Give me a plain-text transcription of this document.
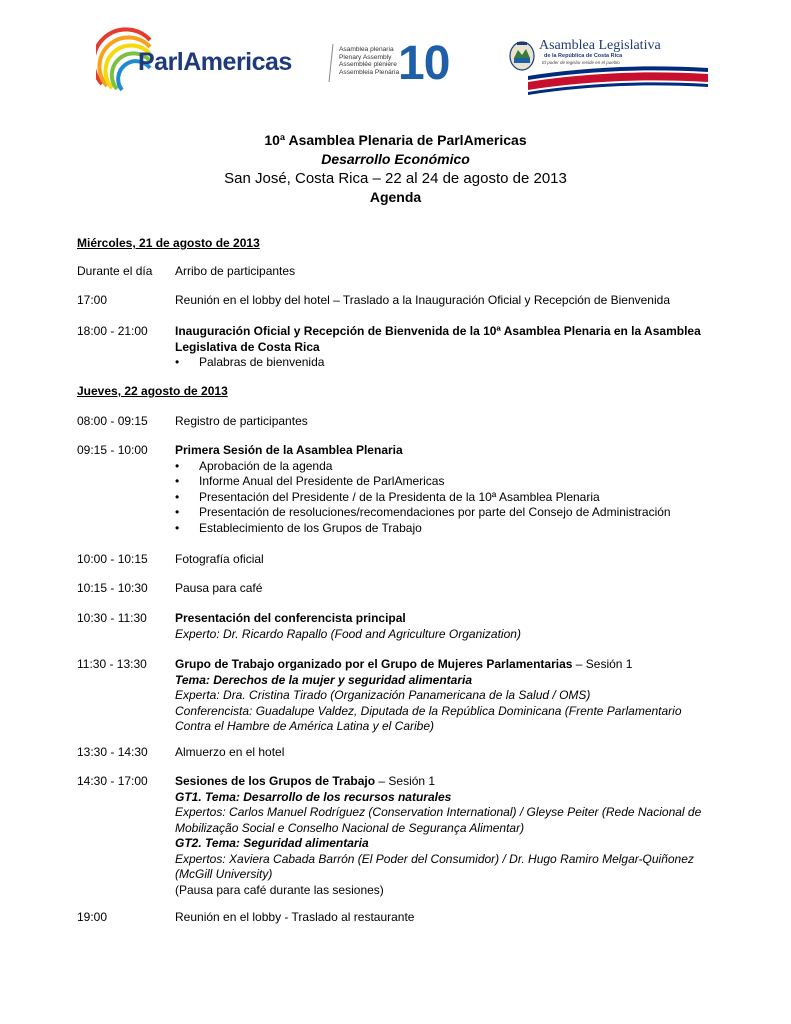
ParlAmericas	Asamblea plenaria
Plenary Assembly
Assemblée plénière
Assembleia Plenária
10	Asamblea Legislativa
de la República de Costa Rica
El poder de legislar reside en el pueblo
10ª Asamblea Plenaria de ParlAmericas
Desarrollo Económico
San José, Costa Rica – 22 al 24 de agosto de 2013
Agenda
Miércoles, 21 de agosto de 2013
Durante el día	Arribo de participantes
17:00	Reunión en el lobby del hotel – Traslado a la Inauguración Oficial y Recepción de Bienvenida
18:00 - 21:00	Inauguración Oficial y Recepción de Bienvenida de la 10ª Asamblea Plenaria en la Asamblea Legislativa de Costa Rica

• Palabras de bienvenida
Jueves, 22 agosto de 2013
08:00 - 09:15	Registro de participantes
09:15 - 10:00	Primera Sesión de la Asamblea Plenaria

• Aprobación de la agenda
• Informe Anual del Presidente de ParlAmericas
• Presentación del Presidente / de la Presidenta de la 10ª Asamblea Plenaria
• Presentación de resoluciones/recomendaciones por parte del Consejo de Administración
• Establecimiento de los Grupos de Trabajo
10:00 - 10:15	Fotografía oficial
10:15 - 10:30	Pausa para café
10:30 - 11:30	Presentación del conferencista principal

Experto: Dr. Ricardo Rapallo (Food and Agriculture Organization)

11:30 - 13:30	Grupo de Trabajo organizado por el Grupo de Mujeres Parlamentarias – Sesión 1

Tema: Derechos de la mujer y seguridad alimentaria

Experta: Dra. Cristina Tirado (Organización Panamericana de la Salud / OMS)

Conferencista: Guadalupe Valdez, Diputada de la República Dominicana (Frente Parlamentario Contra el Hambre de América Latina y el Caribe)

13:30 - 14:30	Almuerzo en el hotel
14:30 - 17:00	Sesiones de los Grupos de Trabajo – Sesión 1

GT1. Tema: Desarrollo de los recursos naturales

Expertos: Carlos Manuel Rodríguez (Conservation International) / Gleyse Peiter (Rede Nacional de Mobilização Social e Conselho Nacional de Segurança Alimentar)

GT2. Tema: Seguridad alimentaria

Expertos: Xaviera Cabada Barrón (El Poder del Consumidor) / Dr. Hugo Ramiro Melgar-Quiñonez (McGill University)

(Pausa para café durante las sesiones)

19:00	Reunión en el lobby - Traslado al restaurante
